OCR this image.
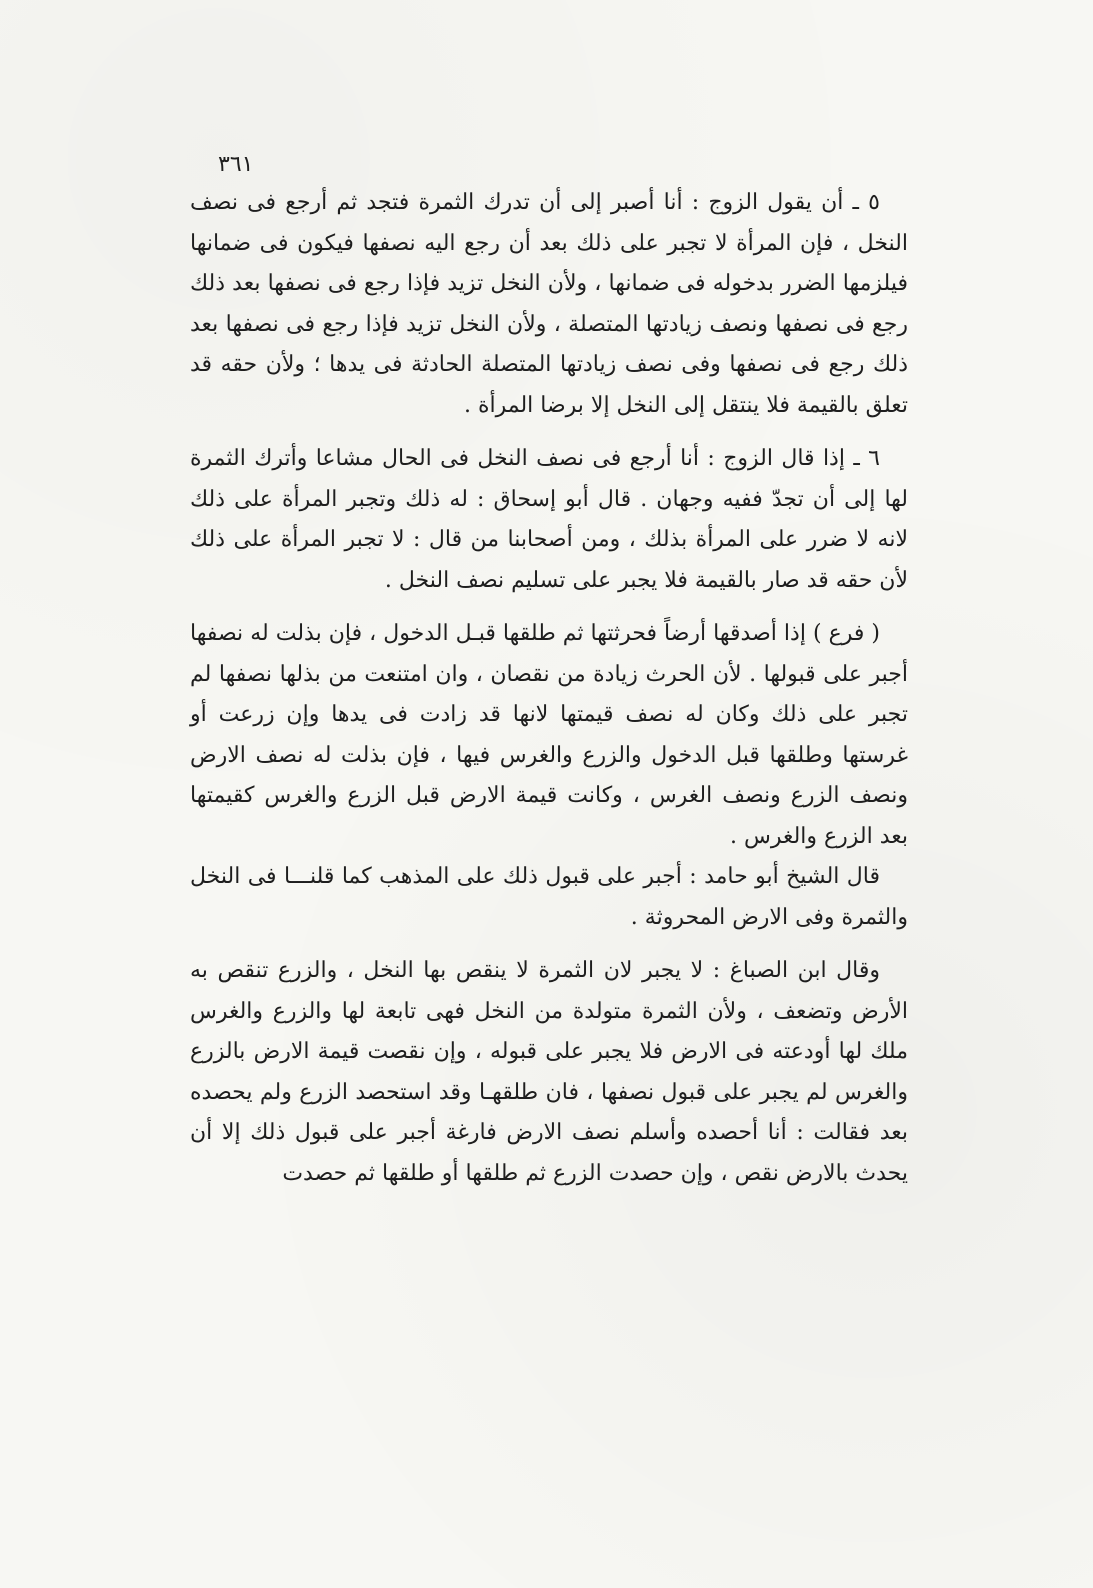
٣٦١

٥ ـ أن يقول الزوج : أنا أصبر إلى أن تدرك الثمرة فتجد ثم أرجع فى نصف النخل ، فإن المرأة لا تجبر على ذلك بعد أن رجع اليه نصفها فيكون فى ضمانها فيلزمها الضرر بدخوله فى ضمانها ، ولأن النخل تزيد فإذا رجع فى نصفها بعد ذلك رجع فى نصفها ونصف زيادتها المتصلة ، ولأن النخل تزيد فإذا رجع فى نصفها بعد ذلك رجع فى نصفها وفى نصف زيادتها المتصلة الحادثة فى يدها ؛ ولأن حقه قد تعلق بالقيمة فلا ينتقل إلى النخل إلا برضا المرأة .

٦ ـ إذا قال الزوج : أنا أرجع فى نصف النخل فى الحال مشاعا وأترك الثمرة لها إلى أن تجدّ ففيه وجهان . قال أبو إسحاق : له ذلك وتجبر المرأة على ذلك لانه لا ضرر على المرأة بذلك ، ومن أصحابنا من قال : لا تجبر المرأة على ذلك لأن حقه قد صار بالقيمة فلا يجبر على تسليم نصف النخل .

( فرع ) إذا أصدقها أرضاً فحرثتها ثم طلقها قبـل الدخول ، فإن بذلت له نصفها أجبر على قبولها . لأن الحرث زيادة من نقصان ، وان امتنعت من بذلها نصفها لم تجبر على ذلك وكان له نصف قيمتها لانها قد زادت فى يدها وإن زرعت أو غرستها وطلقها قبل الدخول والزرع والغرس فيها ، فإن بذلت له نصف الارض ونصف الزرع ونصف الغرس ، وكانت قيمة الارض قبل الزرع والغرس كقيمتها بعد الزرع والغرس .

قال الشيخ أبو حامد : أجبر على قبول ذلك على المذهب كما قلنـــا فى النخل والثمرة وفى الارض المحروثة .

وقال ابن الصباغ : لا يجبر لان الثمرة لا ينقص بها النخل ، والزرع تنقص به الأرض وتضعف ، ولأن الثمرة متولدة من النخل فهى تابعة لها والزرع والغرس ملك لها أودعته فى الارض فلا يجبر على قبوله ، وإن نقصت قيمة الارض بالزرع والغرس لم يجبر على قبول نصفها ، فان طلقهـا وقد استحصد الزرع ولم يحصده بعد فقالت : أنا أحصده وأسلم نصف الارض فارغة أجبر على قبول ذلك إلا أن يحدث بالارض نقص ، وإن حصدت الزرع ثم طلقها أو طلقها ثم حصدت
